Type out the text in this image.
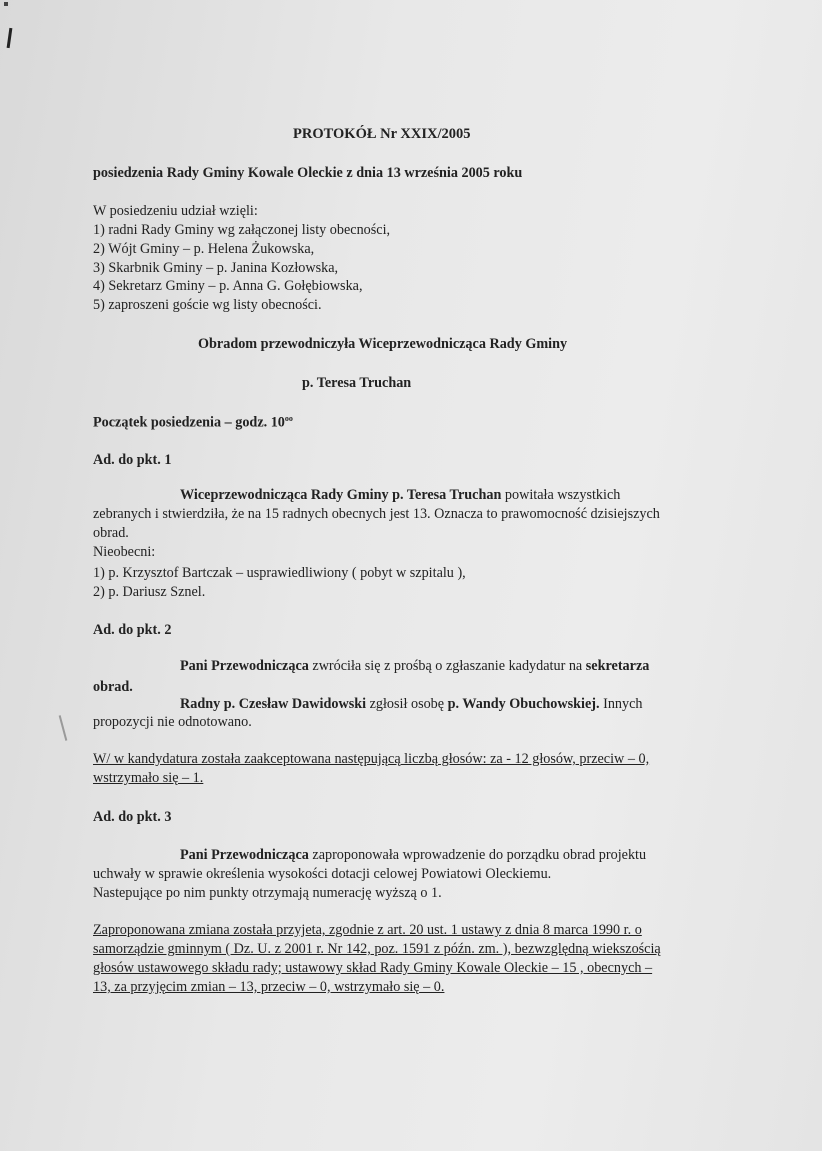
PROTOKÓŁ Nr XXIX/2005
posiedzenia Rady Gminy Kowale Oleckie z dnia 13 września 2005 roku
W posiedzeniu udział wzięli:
1) radni Rady Gminy wg załączonej listy obecności,
2) Wójt Gminy – p. Helena Żukowska,
3) Skarbnik Gminy – p. Janina Kozłowska,
4) Sekretarz Gminy – p. Anna G. Gołębiowska,
5) zaproszeni goście wg listy obecności.
Obradom przewodniczyła Wiceprzewodnicząca Rady Gminy
p. Teresa Truchan
Początek posiedzenia – godz. $10^{oo}$
Ad. do pkt. 1
Wiceprzewodnicząca Rady Gminy p. Teresa Truchan powitała wszystkich
zebranych i stwierdziła, że na 15 radnych obecnych jest 13. Oznacza to prawomocność dzisiejszych
obrad.
Nieobecni:
1) p. Krzysztof Bartczak – usprawiedliwiony ( pobyt w szpitalu ),
2) p. Dariusz Sznel.
Ad. do pkt. 2
Pani Przewodnicząca zwróciła się z prośbą o zgłaszanie kadydatur na sekretarza
obrad.
Radny p. Czesław Dawidowski zgłosił osobę p. Wandy Obuchowskiej. Innych
propozycji nie odnotowano.
W/ w kandydatura została zaakceptowana następującą liczbą głosów: za - 12 głosów, przeciw – 0,
wstrzymało się – 1.
Ad. do pkt. 3
Pani Przewodnicząca zaproponowała wprowadzenie do porządku obrad projektu
uchwały w sprawie określenia wysokości dotacji celowej Powiatowi Oleckiemu.
Nastepujące po nim punkty otrzymają numerację wyższą o 1.
Zaproponowana zmiana została przyjeta, zgodnie z art. 20 ust. 1 ustawy z dnia 8 marca 1990 r. o
samorządzie gminnym ( Dz. U. z 2001 r. Nr 142, poz. 1591 z późn. zm. ), bezwzględną wiekszością
głosów ustawowego składu rady; ustawowy skład Rady Gminy Kowale Oleckie – 15 , obecnych –
13, za przyjęcim zmian – 13, przeciw – 0, wstrzymało się – 0.
